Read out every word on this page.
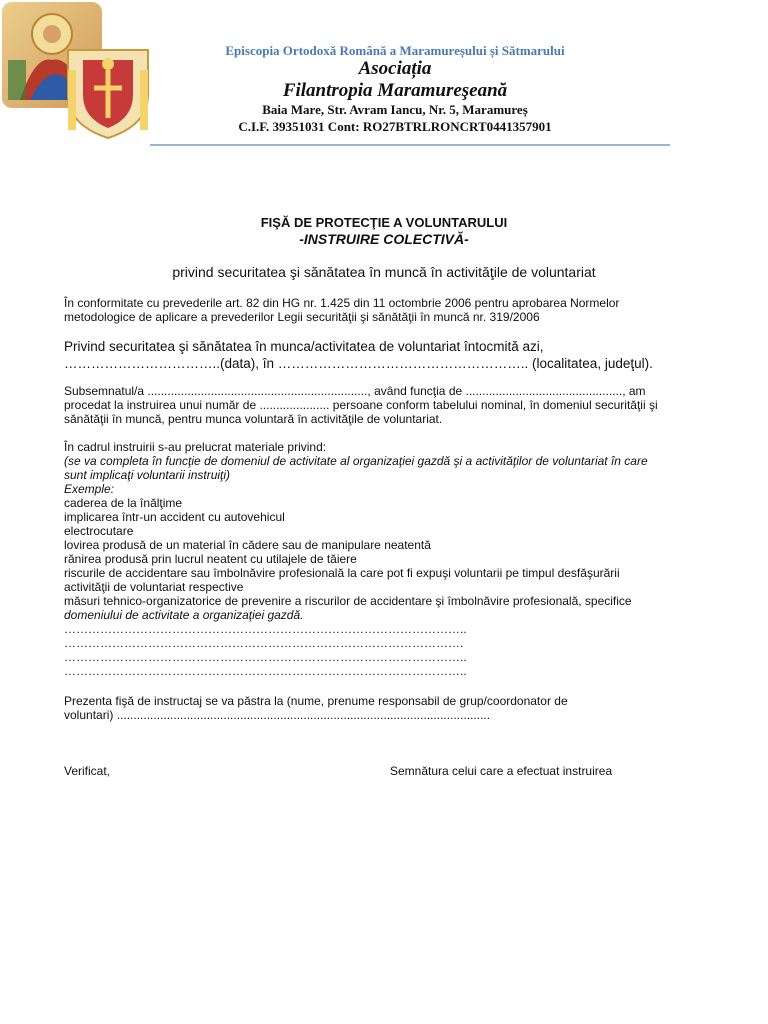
Episcopia Ortodoxă Română a Maramureșului și Sătmarului
Asociația
Filantropia Maramureşeană
Baia Mare, Str. Avram Iancu, Nr. 5, Maramureș
C.I.F. 39351031 Cont: RO27BTRLRONCRT0441357901
FIŞĂ DE PROTECŢIE A VOLUNTARULUI
-INSTRUIRE COLECTIVĂ-
privind securitatea şi sănătatea în muncă în activităţile de voluntariat
În conformitate cu prevederile art. 82 din HG nr. 1.425 din 11 octombrie 2006 pentru aprobarea Normelor
metodologice de aplicare a prevederilor Legii securităţii şi sănătăţii în muncă nr. 319/2006
Privind securitatea şi sănătatea în munca/activitatea de voluntariat întocmită azi,
……………………………..(data), în ……………………………………………….. (localitatea, judeţul).
Subsemnatul/a .................................................................., având funcţia de ..............................................., am
procedat la instruirea unui număr de ..................... persoane conform tabelului nominal, în domeniul securităţii şi
sănătăţii în muncă, pentru munca voluntară în activităţile de voluntariat.
În cadrul instruirii s-au prelucrat materiale privind:
(se va completa în funcţie de domeniul de activitate al organizaţiei gazdă şi a activităţilor de voluntariat în care
sunt implicaţi voluntarii instruiţi)
Exemple:
caderea de la înălţime
implicarea într-un accident cu autovehicul
electrocutare
lovirea produsă de un material în cădere sau de manipulare neatentă
rănirea produsă prin lucrul neatent cu utilajele de tăiere
riscurile de accidentare sau îmbolnăvire profesională la care pot fi expuşi voluntarii pe timpul desfăşurării
activităţii de voluntariat respective
măsuri tehnico-organizatorice de prevenire a riscurilor de accidentare şi îmbolnăvire profesională, specifice
domeniului de activitate a organizaţiei gazdă.
………………………………………………………………………………………..
……………………………………………………………………………………….
………………………………………………………………………………………..
………………………………………………………………………………………..
Prezenta fişă de instructaj se va păstra la (nume, prenume responsabil de grup/coordonator de
voluntari) ................................................................................................................
Verificat,	Semnătura celui care a efectuat instruirea
